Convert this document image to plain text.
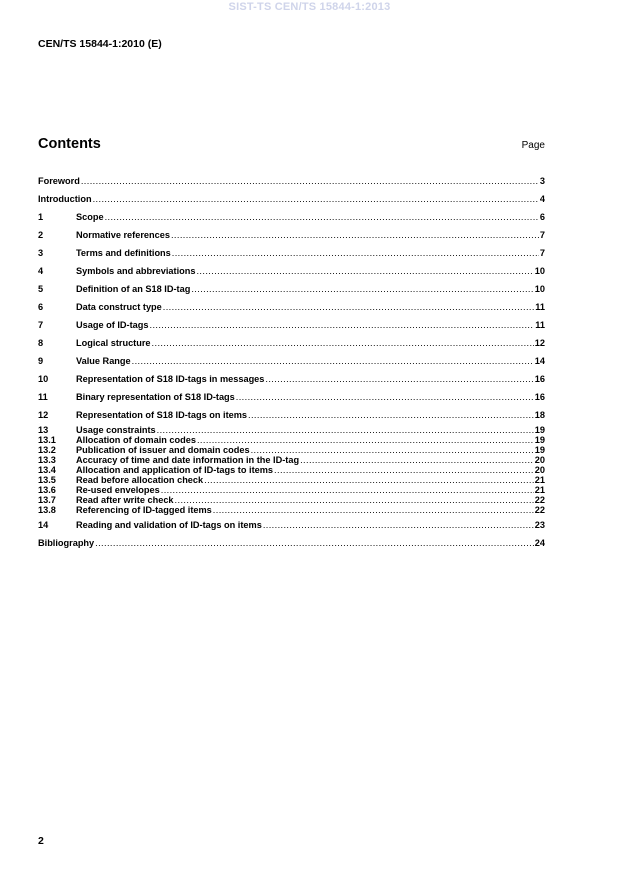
SIST-TS CEN/TS 15844-1:2013
CEN/TS 15844-1:2010 (E)
Contents	Page
Foreword .....	3
Introduction .....	4
1	Scope .....	6
2	Normative references .....	7
3	Terms and definitions .....	7
4	Symbols and abbreviations .....	10
5	Definition of an S18 ID-tag .....	10
6	Data construct type .....	11
7	Usage of ID-tags .....	11
8	Logical structure .....	12
9	Value Range .....	14
10	Representation of S18 ID-tags in messages .....	16
11	Binary representation of S18 ID-tags .....	16
12	Representation of S18 ID-tags on items .....	18
13	Usage constraints .....	19
13.1	Allocation of domain codes .....	19
13.2	Publication of issuer and domain codes .....	19
13.3	Accuracy of time and date information in the ID-tag .....	20
13.4	Allocation and application of ID-tags to items .....	20
13.5	Read before allocation check .....	21
13.6	Re-used envelopes .....	21
13.7	Read after write check .....	22
13.8	Referencing of ID-tagged items .....	22
14	Reading and validation of ID-tags on items .....	23
Bibliography .....	24
2
